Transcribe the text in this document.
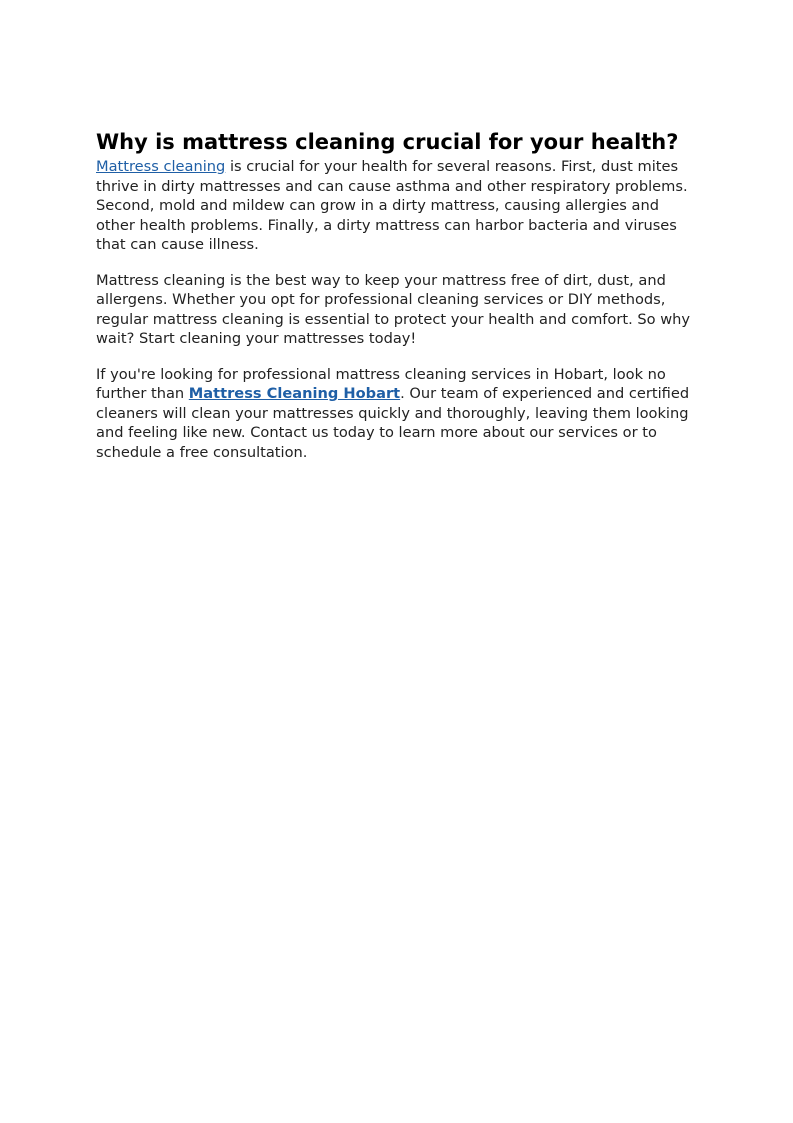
Why is mattress cleaning crucial for your health?

Mattress cleaning is crucial for your health for several reasons. First, dust mites thrive in dirty mattresses and can cause asthma and other respiratory problems. Second, mold and mildew can grow in a dirty mattress, causing allergies and other health problems. Finally, a dirty mattress can harbor bacteria and viruses that can cause illness.

Mattress cleaning is the best way to keep your mattress free of dirt, dust, and allergens. Whether you opt for professional cleaning services or DIY methods, regular mattress cleaning is essential to protect your health and comfort. So why wait? Start cleaning your mattresses today!

If you're looking for professional mattress cleaning services in Hobart, look no further than Mattress Cleaning Hobart. Our team of experienced and certified cleaners will clean your mattresses quickly and thoroughly, leaving them looking and feeling like new. Contact us today to learn more about our services or to schedule a free consultation.
